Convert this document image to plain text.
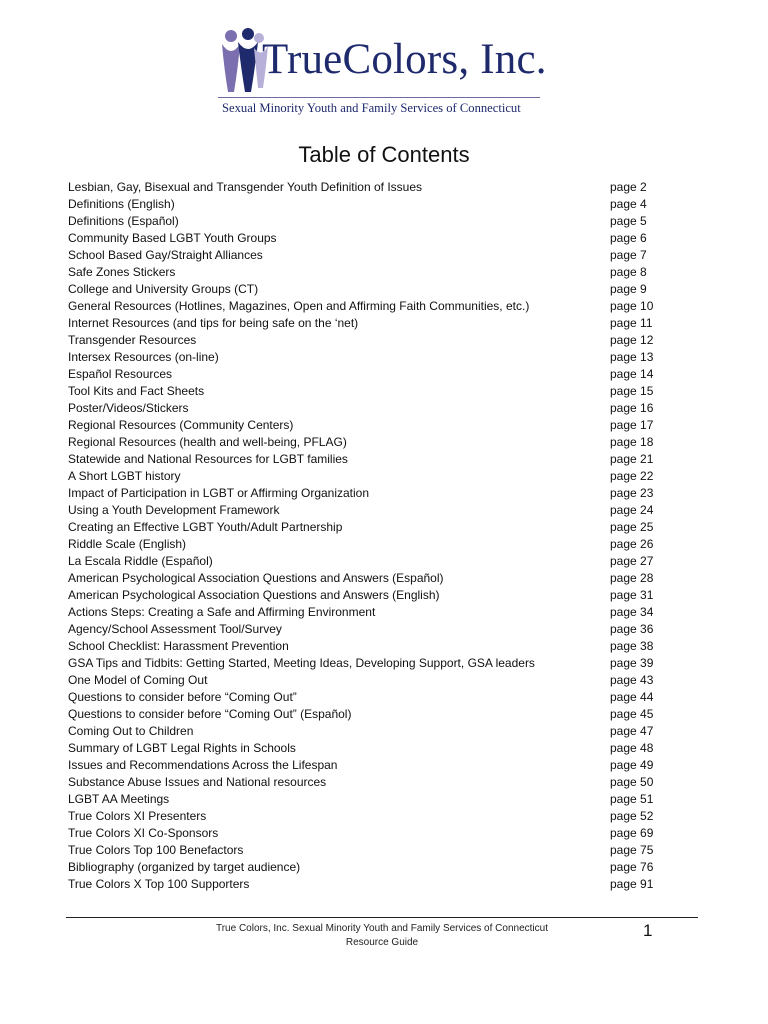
TrueColors, Inc.
Sexual Minority Youth and Family Services of Connecticut
Table of Contents
Lesbian, Gay, Bisexual and Transgender Youth Definition of Issues	page 2
Definitions (English)	page 4
Definitions (Español)	page 5
Community Based LGBT Youth Groups	page 6
School Based Gay/Straight Alliances	page 7
Safe Zones Stickers	page 8
College and University Groups (CT)	page 9
General Resources (Hotlines, Magazines, Open and Affirming Faith Communities, etc.)	page 10
Internet Resources (and tips for being safe on the ‘net)	page 11
Transgender Resources	page 12
Intersex Resources (on-line)	page 13
Español Resources	page 14
Tool Kits and Fact Sheets	page 15
Poster/Videos/Stickers	page 16
Regional Resources (Community Centers)	page 17
Regional Resources (health and well-being, PFLAG)	page 18
Statewide and National Resources for LGBT families	page 21
A Short LGBT history	page 22
Impact of Participation in LGBT or Affirming Organization	page 23
Using a Youth Development Framework	page 24
Creating an Effective LGBT Youth/Adult Partnership	page 25
Riddle Scale (English)	page 26
La Escala Riddle (Español)	page 27
American Psychological Association Questions and Answers (Español)	page 28
American Psychological Association Questions and Answers (English)	page 31
Actions Steps: Creating a Safe and Affirming Environment	page 34
Agency/School Assessment Tool/Survey	page 36
School Checklist: Harassment Prevention	page 38
GSA Tips and Tidbits: Getting Started, Meeting Ideas, Developing Support, GSA leaders	page 39
One Model of Coming Out	page 43
Questions to consider before “Coming Out”	page 44
Questions to consider before “Coming Out” (Español)	page 45
Coming Out to Children	page 47
Summary of LGBT Legal Rights in Schools	page 48
Issues and Recommendations Across the Lifespan	page 49
Substance Abuse Issues and National resources	page 50
LGBT AA Meetings	page 51
True Colors XI Presenters	page 52
True Colors XI Co-Sponsors	page 69
True Colors Top 100 Benefactors	page 75
Bibliography (organized by target audience)	page 76
True Colors X Top 100 Supporters	page 91
True Colors, Inc. Sexual Minority Youth and Family Services of Connecticut
Resource Guide
1
